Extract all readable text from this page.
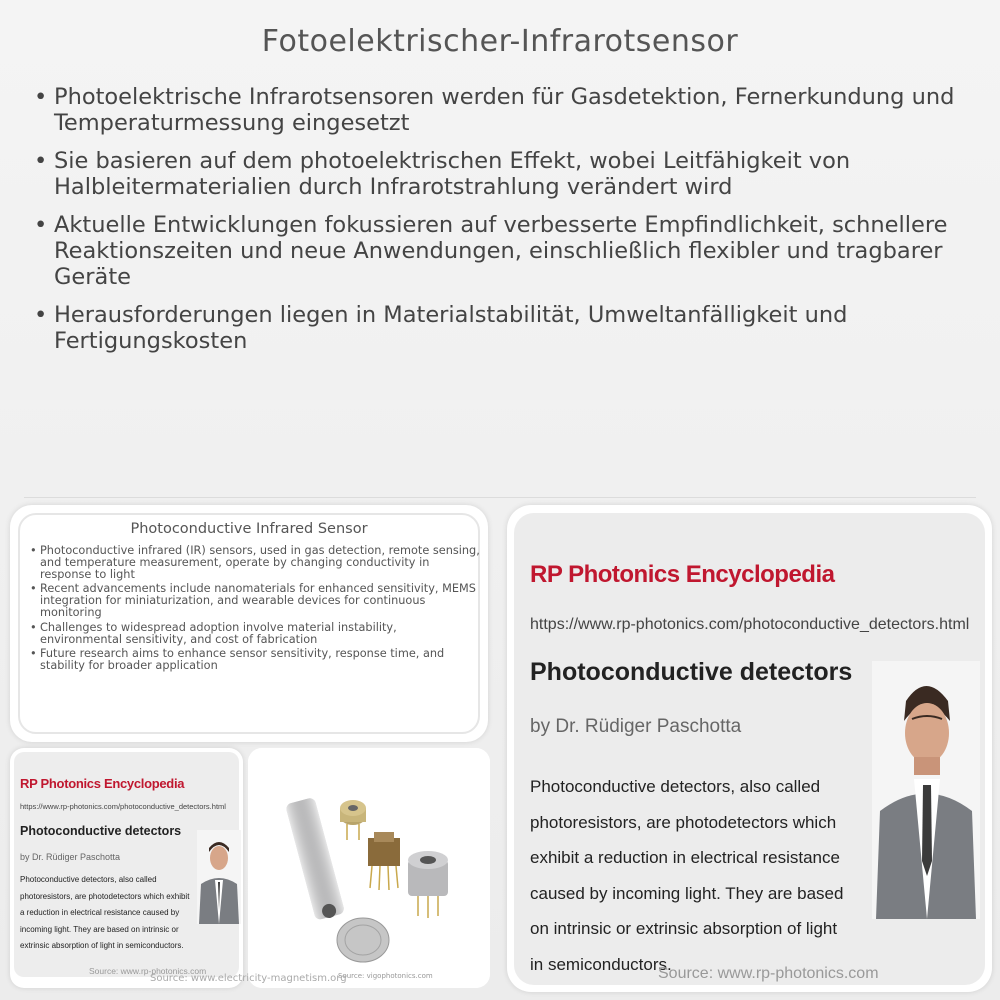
Fotoelektrischer-Infrarotsensor
• Photoelektrische Infrarotsensoren werden für Gasdetektion, Fernerkundung und Temperaturmessung eingesetzt
• Sie basieren auf dem photoelektrischen Effekt, wobei Leitfähigkeit von Halbleitermaterialien durch Infrarotstrahlung verändert wird
• Aktuelle Entwicklungen fokussieren auf verbesserte Empfindlichkeit, schnellere Reaktionszeiten und neue Anwendungen, einschließlich flexibler und tragbarer Geräte
• Herausforderungen liegen in Materialstabilität, Umweltanfälligkeit und Fertigungskosten
Photoconductive Infrared Sensor
• Photoconductive infrared (IR) sensors, used in gas detection, remote sensing, and temperature measurement, operate by changing conductivity in response to light
• Recent advancements include nanomaterials for enhanced sensitivity, MEMS integration for miniaturization, and wearable devices for continuous monitoring
• Challenges to widespread adoption involve material instability, environmental sensitivity, and cost of fabrication
• Future research aims to enhance sensor sensitivity, response time, and stability for broader application
RP Photonics Encyclopedia
https://www.rp-photonics.com/photoconductive_detectors.html
Photoconductive detectors
by Dr. Rüdiger Paschotta
Photoconductive detectors, also called photoresistors, are photodetectors which exhibit a reduction in electrical resistance caused by incoming light. They are based on intrinsic or extrinsic absorption of light in semiconductors.
Source: www.rp-photonics.com	Source: vigophotonics.com
Source: www.electricity-magnetism.org
RP Photonics Encyclopedia
https://www.rp-photonics.com/photoconductive_detectors.html
Photoconductive detectors
by Dr. Rüdiger Paschotta
Photoconductive detectors, also called photoresistors, are photodetectors which exhibit a reduction in electrical resistance caused by incoming light. They are based on intrinsic or extrinsic absorption of light in semiconductors.
Source: www.rp-photonics.com
